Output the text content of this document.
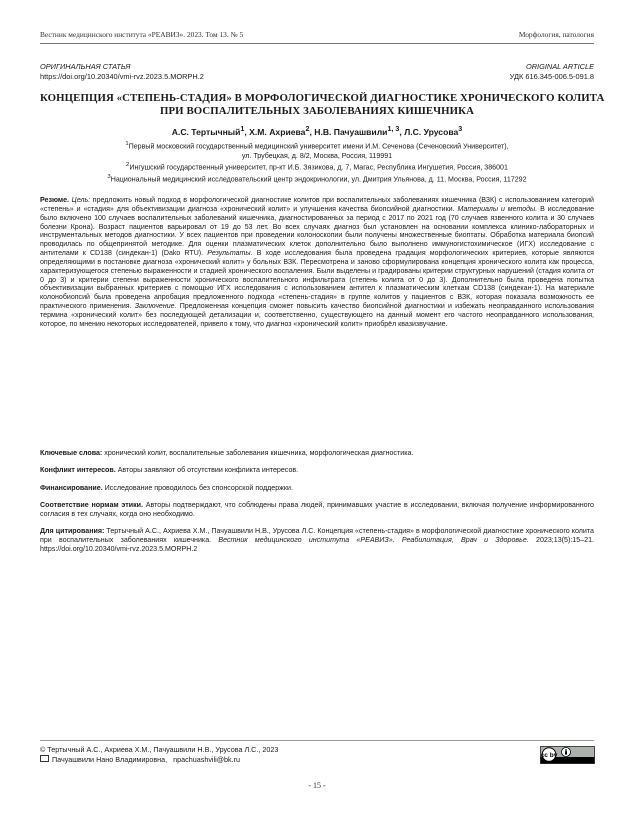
Вестник медицинского института «РЕАВИЗ». 2023. Том 13. № 5	Морфология, патология
ОРИГИНАЛЬНАЯ СТАТЬЯ
https://doi.org/10.20340/vmi-rvz.2023.5.MORPH.2
ORIGINAL ARTICLE
УДК 616.345-006.5-091.8
КОНЦЕПЦИЯ «СТЕПЕНЬ-СТАДИЯ» В МОРФОЛОГИЧЕСКОЙ ДИАГНОСТИКЕ ХРОНИЧЕСКОГО КОЛИТА
ПРИ ВОСПАЛИТЕЛЬНЫХ ЗАБОЛЕВАНИЯХ КИШЕЧНИКА
А.С. Тертычный$^1$, Х.М. Ахриева$^2$, Н.В. Пачуашвили$^{1, 3}$, Л.С. Урусова$^3$
$^1$Первый московский государственный медицинский университет имени И.М. Сеченова (Сеченовский Университет),
ул. Трубецкая, д. 8/2, Москва, Россия, 119991
$^2$Ингушский государственный университет, пр-кт И.Б. Зязикова, д. 7, Магас, Республика Ингушетия, Россия, 386001
$^3$Национальный медицинский исследовательский центр эндокринологии, ул. Дмитрия Ульянова, д. 11, Москва, Россия, 117292

Резюме. Цель: предложить новый подход в морфологической диагностике колитов при воспалительных заболеваниях кишечника (ВЗК) с использованием категорий «степень» и «стадия» для объективизации диагноза «хронический колит» и улучшения качества биопсийной диагностики. Материалы и методы. В исследование было включено 100 случаев воспалительных заболеваний кишечника, диагностированных за период с 2017 по 2021 год (70 случаев язвенного колита и 30 случаев болезни Крона). Возраст пациентов варьировал от 19 до 53 лет. Во всех случаях диагноз был установлен на основании комплекса клинико-лабораторных и инструментальных методов диагностики. У всех пациентов при проведении колоноскопии были получены множественные биоптаты. Обработка материала биопсий проводилась по общепринятой методике. Для оценки плазматических клеток дополнительно было выполнено иммуногистохимическое (ИГХ) исследование с антителами к CD138 (синдекан-1) (Dako RTU). Результаты. В ходе исследования была проведена градация морфологических критериев, которые являются определяющими в постановке диагноза «хронический колит» у больных ВЗК. Пересмотрена и заново сформулирована концепция хронического колита как процесса, характеризующегося степенью выраженности и стадией хронического воспаления. Были выделены и градированы критерии структурных нарушений (стадия колита от 0 до 3) и критерии степени выраженности хронического воспалительного инфильтрата (степень колита от 0 до 3). Дополнительно была проведена попытка объективизации выбранных критериев с помощью ИГХ исследования с использованием антител к плазматическим клеткам CD138 (синдекан-1). На материале колонобиопсий была проведена апробация предложенного подхода «степень-стадия» в группе колитов у пациентов с ВЗК, которая показала возможность ее практического применения. Заключение. Предложенная концепция сможет повысить качество биопсийной диагностики и избежать неоправданного использования термина «хронический колит» без последующей детализации и, соответственно, существующего на данный момент его частого неоправданного использования, которое, по мнению некоторых исследователей, привело к тому, что диагноз «хронический колит» приобрёл квазизвучание.

Ключевые слова: хронический колит, воспалительные заболевания кишечника, морфологическая диагностика.

Конфликт интересов. Авторы заявляют об отсутствии конфликта интересов.

Финансирование. Исследование проводилось без спонсорской поддержки.

Соответствие нормам этики. Авторы подтверждают, что соблюдены права людей, принимавших участие в исследовании, включая получение информированного согласия в тех случаях, когда оно необходимо.

Для цитирования: Тертычный А.С., Ахриева Х.М., Пачуашвили Н.В., Урусова Л.С. Концепция «степень-стадия» в морфологической диагностике хронического колита при воспалительных заболеваниях кишечника. Вестник медицинского института «РЕАВИЗ». Реабилитация, Врач и Здоровье. 2023;13(5):15–21. https://doi.org/10.20340/vmi-rvz.2023.5.MORPH.2

© Тертычный А.С., Ахриева Х.М., Пачуашвили Н.В., Урусова Л.С., 2023
Пачуашвили Нано Владимировна, npachuashvili@bk.ru	cc by
- 15 -
